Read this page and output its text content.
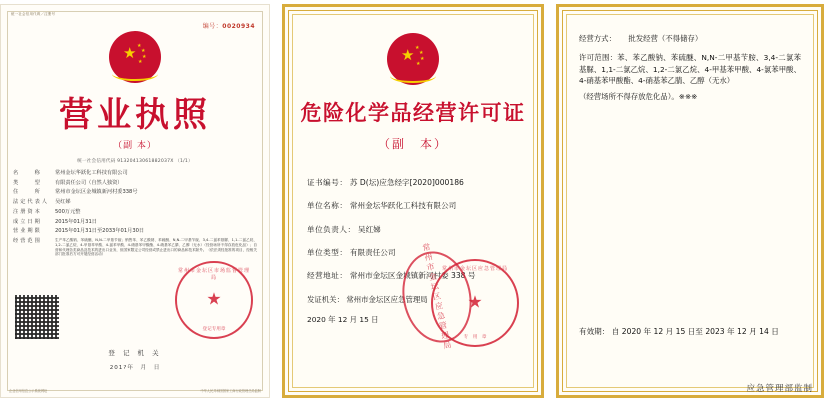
统一社会信用代码／注册号
编号：0020934
★ ★
★
★
★
营业执照
（副 本）
统一社会信用代码 91320413061882037X （1/1）
名　　称	常州金坛华跃化工科技有限公司
类　　型	有限责任公司（自然人独资）
住　　所	常州市金坛区金城镇新河村委338号
法定代表人	吴红娣
注册资本	500万元整
成立日期	2015年01月31日
营业期限	2015年01月31日至2033年01月30日
经营范围	生产苯乙酸钠、苯硫醚、N,N-二甲基苄胺；销售苯、苯乙酸钠、苯硫醚、N,N-二甲基苄胺、3,4-二氯苯基脲、1,1-二氯乙烷、1,2-二氯乙烷、4-甲基苯甲酸、4-氯苯甲酸、4-硝基苯甲酸酯、4-硝基苯乙腈、乙醇（无水）（经营场所不得存放危化品）；自营和代理各类商品及技术的进出口业务，但国家限定公司经营或禁止进出口的商品和技术除外。（依法须经批准的项目，经相关部门批准后方可开展经营活动）
常州市金坛区市场监督管理局
★
登记专用章
登 记 机 关
201?年　月　日
企业信用信息公示系统网址	中华人民共和国国家工商行政管理总局监制
★ ★
★
★
★
危险化学品经营许可证
（副　本）
证书编号： 苏 D(坛)应急经字[2020]000186
单位名称： 常州金坛华跃化工科技有限公司
单位负责人： 吴红娣
单位类型： 有限责任公司
经营地址： 常州市金坛区金城镇新河村委 338 号
发证机关： 常州市金坛区应急管理局
2020 年 12 月 15 日	常州市金坛区应急管理局
常州市金坛区应急管理局
★
专　用　章
经营方式： 批发经营（不得储存）
许可范围：苯、苯乙酸钠、苯硫醚、N,N-二甲基苄胺、3,4-二氯苯基脲、1,1-二氯乙烷、1,2-二氯乙烷、4-甲基苯甲酸、4-氯苯甲酸、4-硝基苯甲酸酯、4-硝基苯乙腈、乙醇（无水）
（经营场所不得存放危化品）。※※※
有效期： 自 2020 年 12 月 15 日至 2023 年 12 月 14 日
应急管理部监制
